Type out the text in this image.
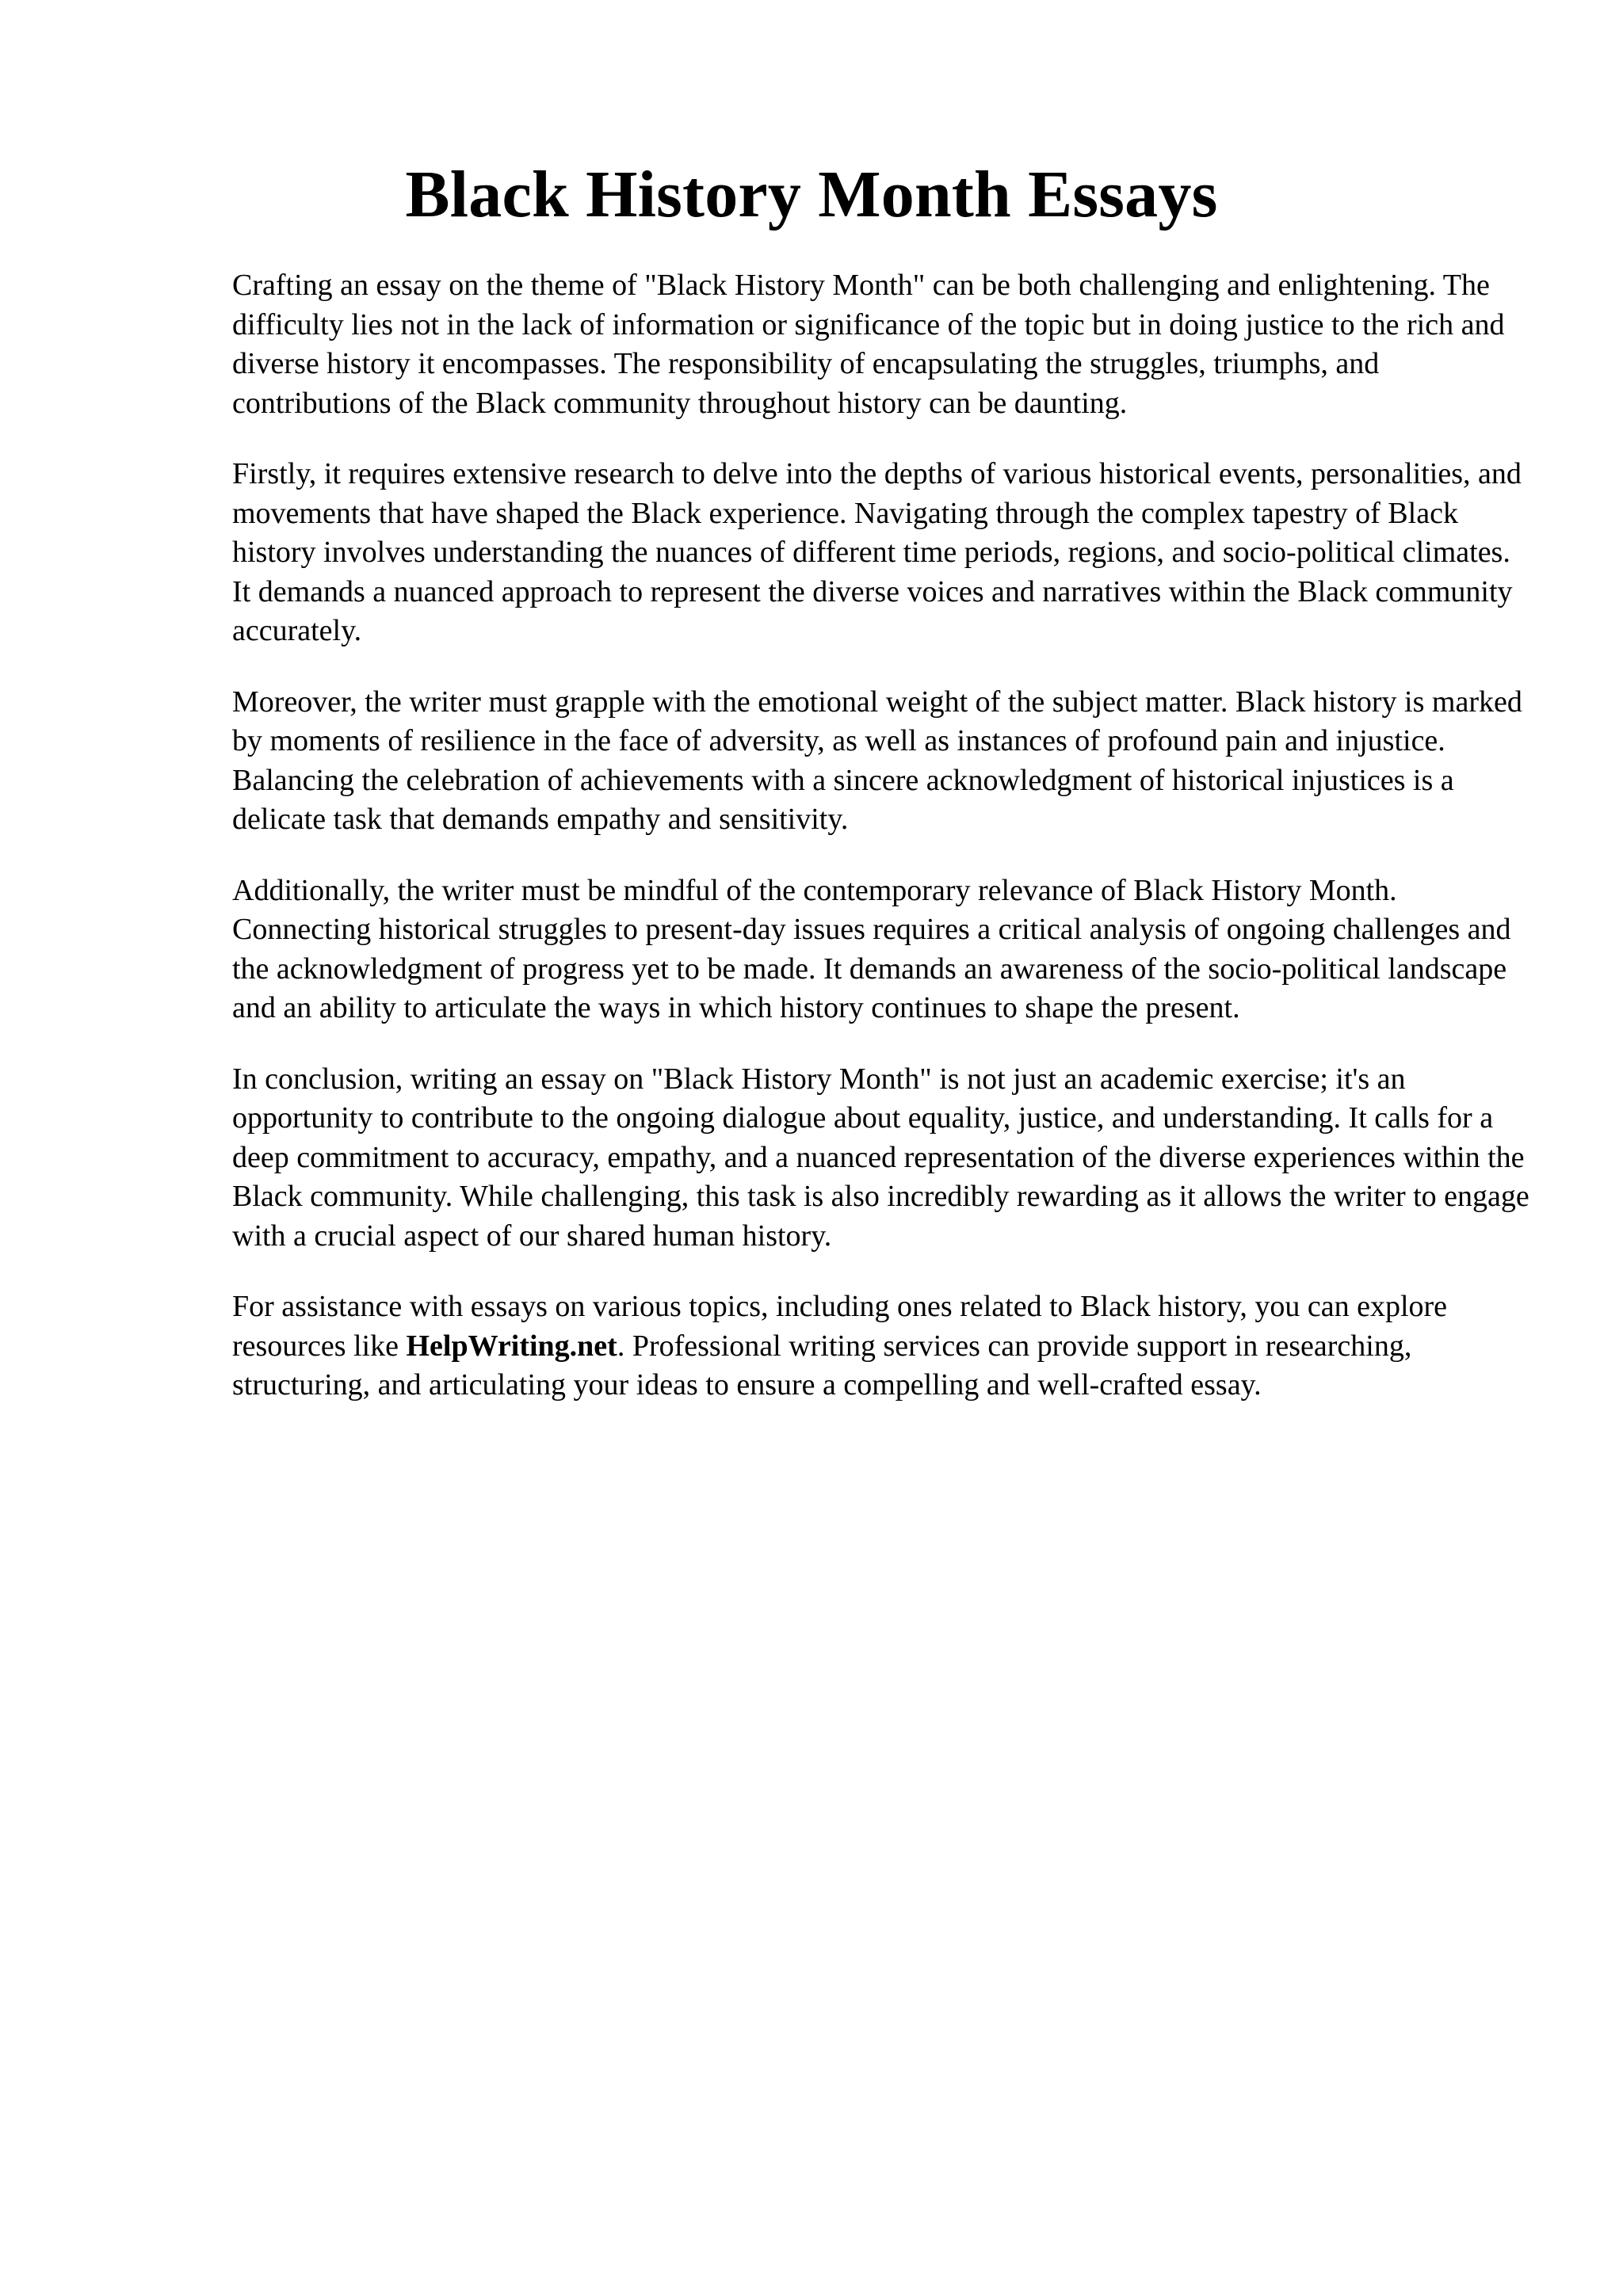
Black History Month Essays

Crafting an essay on the theme of "Black History Month" can be both challenging and enlightening. The difficulty lies not in the lack of information or significance of the topic but in doing justice to the rich and diverse history it encompasses. The responsibility of encapsulating the struggles, triumphs, and contributions of the Black community throughout history can be daunting.

Firstly, it requires extensive research to delve into the depths of various historical events, personalities, and movements that have shaped the Black experience. Navigating through the complex tapestry of Black history involves understanding the nuances of different time periods, regions, and socio-political climates. It demands a nuanced approach to represent the diverse voices and narratives within the Black community accurately.

Moreover, the writer must grapple with the emotional weight of the subject matter. Black history is marked by moments of resilience in the face of adversity, as well as instances of profound pain and injustice. Balancing the celebration of achievements with a sincere acknowledgment of historical injustices is a delicate task that demands empathy and sensitivity.

Additionally, the writer must be mindful of the contemporary relevance of Black History Month. Connecting historical struggles to present-day issues requires a critical analysis of ongoing challenges and the acknowledgment of progress yet to be made. It demands an awareness of the socio-political landscape and an ability to articulate the ways in which history continues to shape the present.

In conclusion, writing an essay on "Black History Month" is not just an academic exercise; it's an opportunity to contribute to the ongoing dialogue about equality, justice, and understanding. It calls for a deep commitment to accuracy, empathy, and a nuanced representation of the diverse experiences within the Black community. While challenging, this task is also incredibly rewarding as it allows the writer to engage with a crucial aspect of our shared human history.

For assistance with essays on various topics, including ones related to Black history, you can explore resources like HelpWriting.net. Professional writing services can provide support in researching, structuring, and articulating your ideas to ensure a compelling and well-crafted essay.
